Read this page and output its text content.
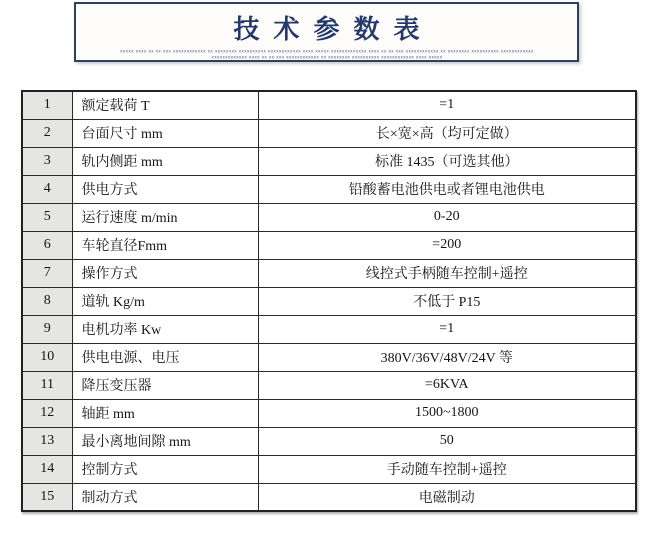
技术参数表
xxxxx xxxx xx xx xxx xxxxxxxxxxxx xx xxxxxxxx xxxxxxxxxx xxxxxxxxxxxx xxxx xxxxx xxxxxxxxxxxxx xxxx xx xx xxx xxxxxxxxxxxx xx xxxxxxxx xxxxxxxxxx xxxxxxxxxxxx
xxxxxxxxxxxxx xxxx xx xx xxx xxxxxxxxxxxx xx xxxxxxxx xxxxxxxxxx xxxxxxxxxxxx xxxx xxxxx
1	额定载荷 T	=1
2	台面尺寸 mm	长×宽×高（均可定做）
3	轨内侧距 mm	标准 1435（可选其他）
4	供电方式	铅酸蓄电池供电或者锂电池供电
5	运行速度 m/min	0-20
6	车轮直径Fmm	=200
7	操作方式	线控式手柄随车控制+遥控
8	道轨 Kg/m	不低于 P15
9	电机功率 Kw	=1
10	供电电源、电压	380V/36V/48V/24V 等
11	降压变压器	=6KVA
12	轴距 mm	1500~1800
13	最小离地间隙 mm	50
14	控制方式	手动随车控制+遥控
15	制动方式	电磁制动
